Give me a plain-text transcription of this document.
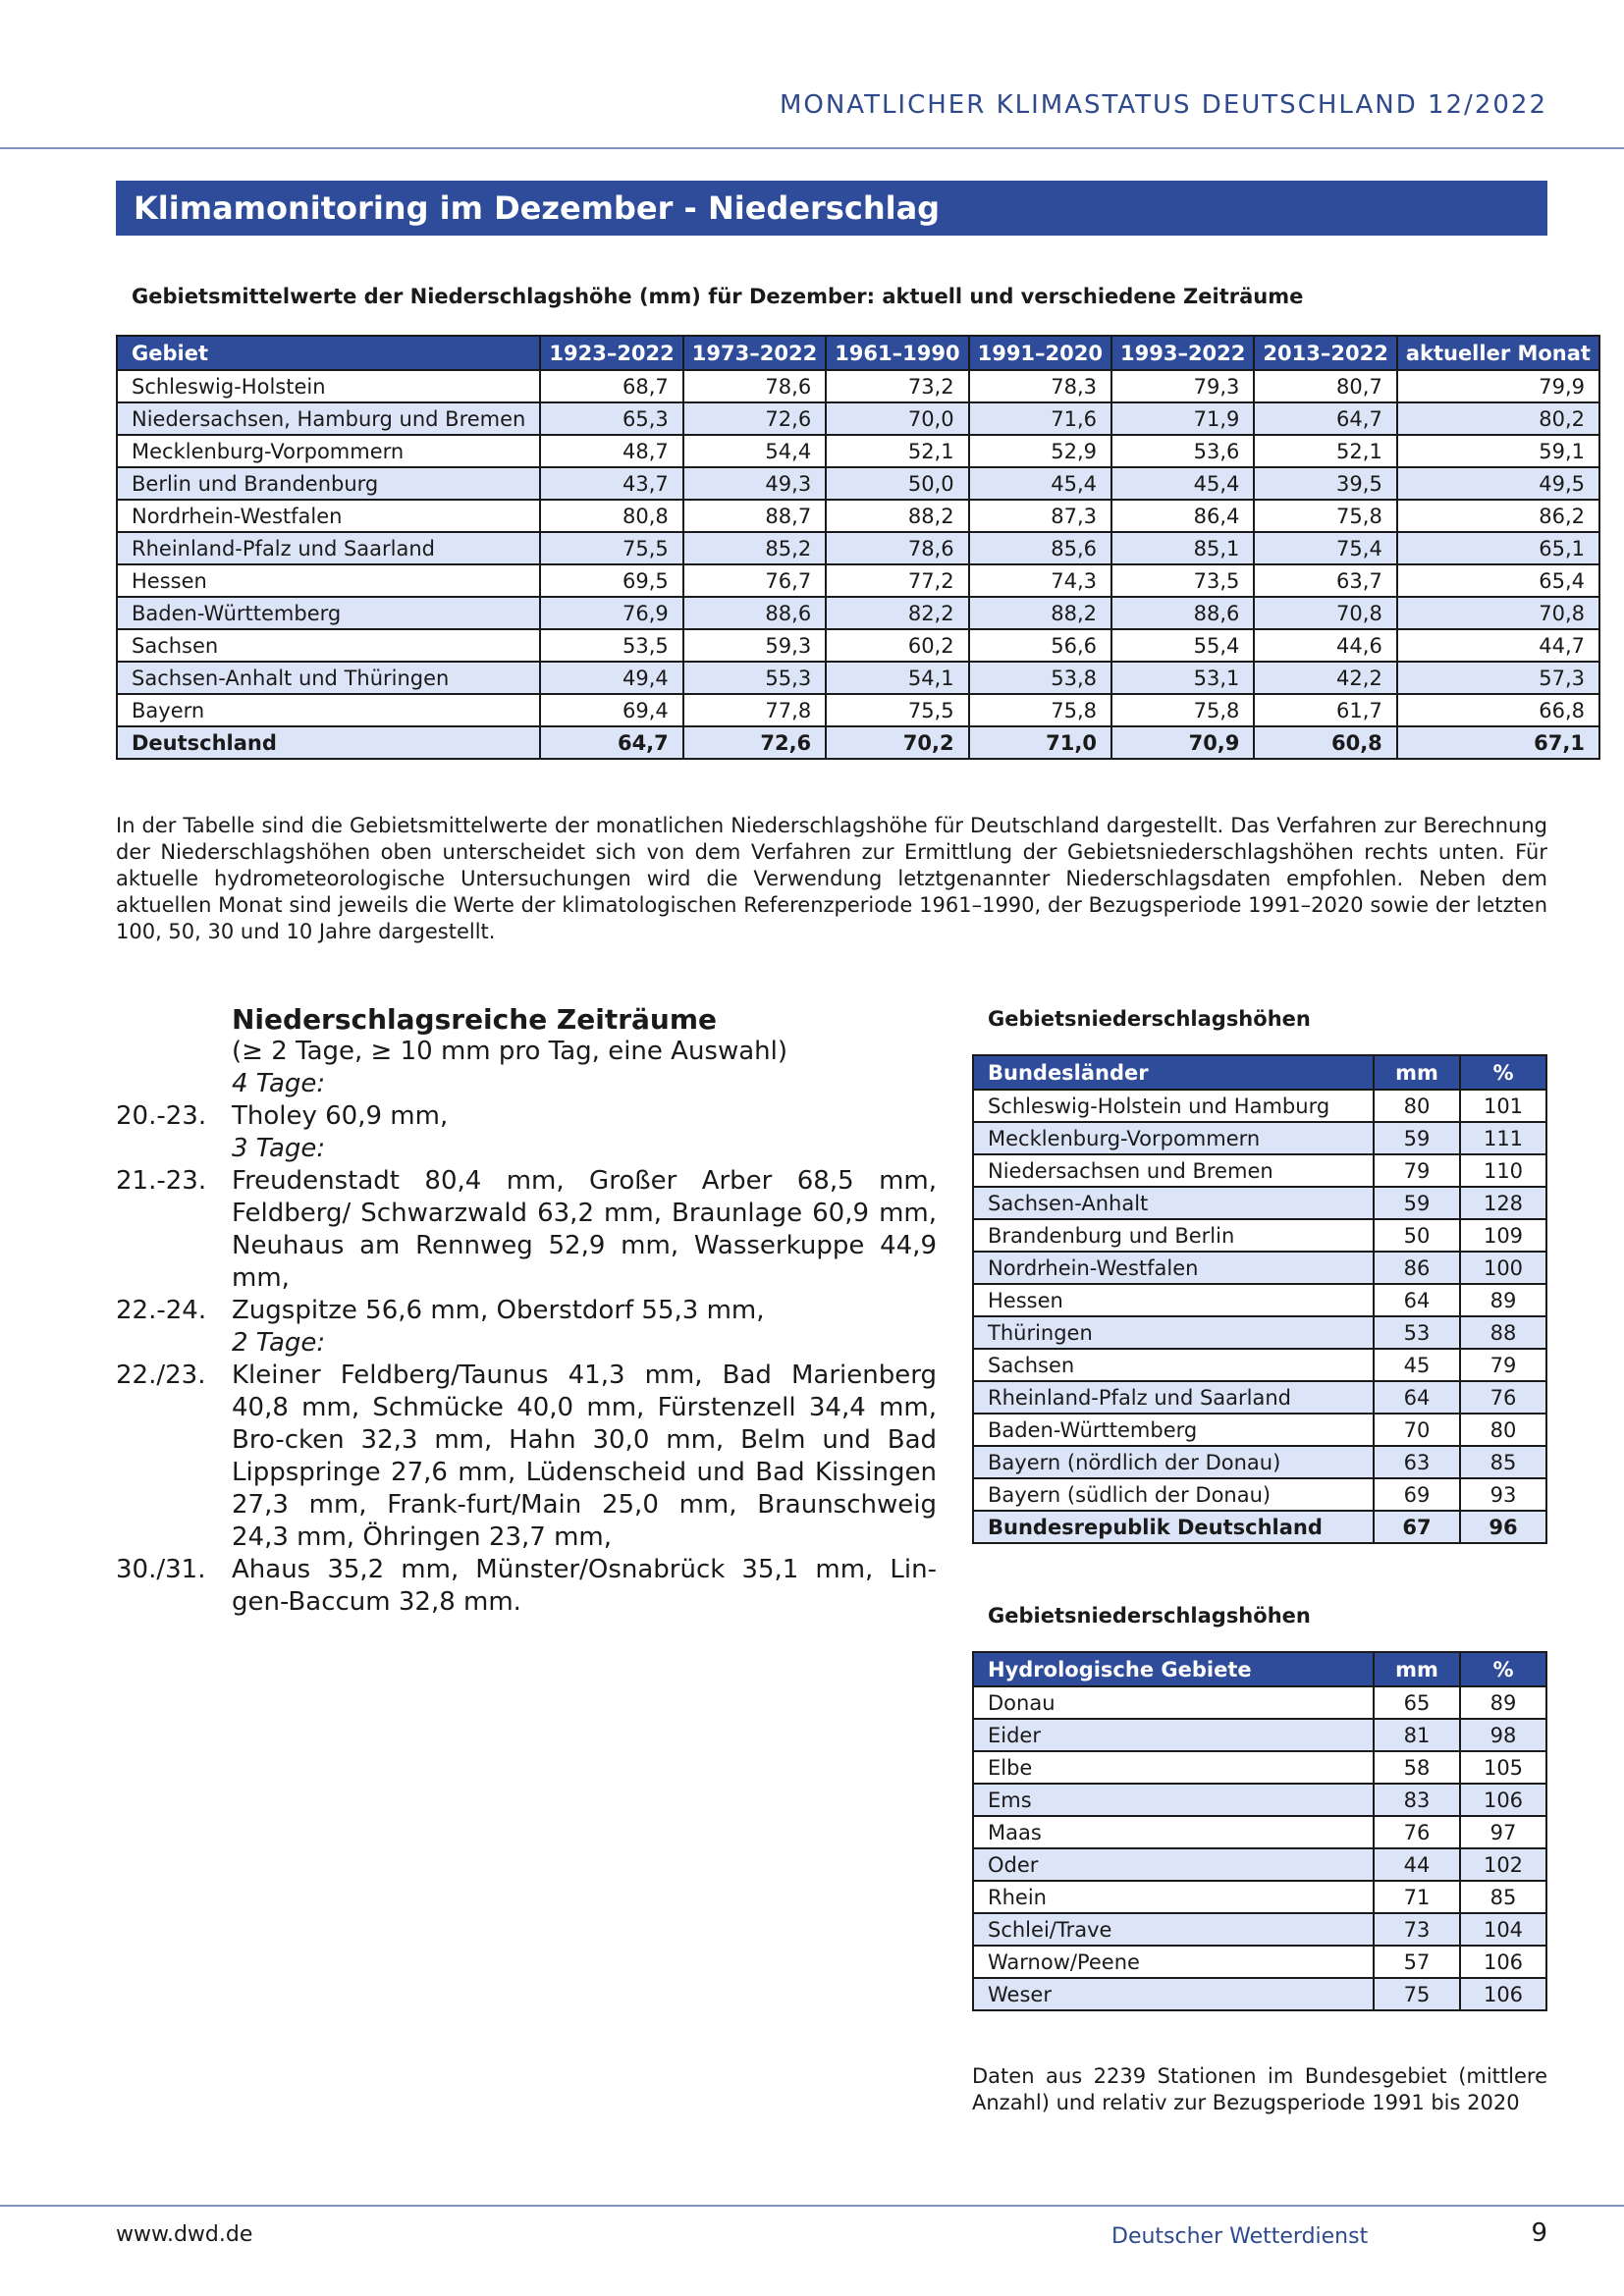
MONATLICHER KLIMASTATUS DEUTSCHLAND 12/2022
Klimamonitoring im Dezember - Niederschlag
Gebietsmittelwerte der Niederschlagshöhe (mm) für Dezember: aktuell und verschiedene Zeiträume
Gebiet	1923–2022	1973–2022	1961–1990	1991–2020	1993–2022	2013–2022	aktueller Monat
Schleswig-Holstein	68,7	78,6	73,2	78,3	79,3	80,7	79,9
Niedersachsen, Hamburg und Bremen	65,3	72,6	70,0	71,6	71,9	64,7	80,2
Mecklenburg-Vorpommern	48,7	54,4	52,1	52,9	53,6	52,1	59,1
Berlin und Brandenburg	43,7	49,3	50,0	45,4	45,4	39,5	49,5
Nordrhein-Westfalen	80,8	88,7	88,2	87,3	86,4	75,8	86,2
Rheinland-Pfalz und Saarland	75,5	85,2	78,6	85,6	85,1	75,4	65,1
Hessen	69,5	76,7	77,2	74,3	73,5	63,7	65,4
Baden-Württemberg	76,9	88,6	82,2	88,2	88,6	70,8	70,8
Sachsen	53,5	59,3	60,2	56,6	55,4	44,6	44,7
Sachsen-Anhalt und Thüringen	49,4	55,3	54,1	53,8	53,1	42,2	57,3
Bayern	69,4	77,8	75,5	75,8	75,8	61,7	66,8
Deutschland	64,7	72,6	70,2	71,0	70,9	60,8	67,1
In der Tabelle sind die Gebietsmittelwerte der monatlichen Niederschlagshöhe für Deutschland dargestellt. Das Verfahren zur Berechnung der Niederschlagshöhen oben unterscheidet sich von dem Verfahren zur Ermittlung der Gebietsniederschlagshöhen rechts unten. Für aktuelle hydrometeorologische Untersuchungen wird die Verwendung letztgenannter Niederschlagsdaten empfohlen. Neben dem aktuellen Monat sind jeweils die Werte der klimatologischen Referenzperiode 1961–1990, der Bezugsperiode 1991–2020 sowie der letzten 100, 50, 30 und 10 Jahre dargestellt.
Niederschlagsreiche Zeiträume
(≥ 2 Tage, ≥ 10 mm pro Tag, eine Auswahl)
4 Tage:
20.-23. Tholey 60,9 mm,
3 Tage:
21.-23. Freudenstadt 80,4 mm, Großer Arber 68,5 mm, Feldberg/ Schwarzwald 63,2 mm, Braunlage 60,9 mm, Neuhaus am Rennweg 52,9 mm, Wasserkuppe 44,9 mm,
22.-24. Zugspitze 56,6 mm, Oberstdorf 55,3 mm,
2 Tage:
22./23.	Kleiner Feldberg/Taunus 41,3 mm, Bad Marienberg 40,8 mm, Schmücke 40,0 mm, Fürstenzell 34,4 mm, Bro-cken 32,3 mm, Hahn 30,0 mm, Belm und Bad Lippspringe 27,6 mm, Lüdenscheid und Bad Kissingen 27,3 mm, Frank-furt/Main 25,0 mm, Braunschweig 24,3 mm, Öhringen 23,7 mm,
30./31.	Ahaus 35,2 mm, Münster/Osnabrück 35,1 mm, Lin-gen-Baccum 32,8 mm.
Gebietsniederschlagshöhen
Bundesländer	mm	%
Schleswig-Holstein und Hamburg	80	101
Mecklenburg-Vorpommern	59	111
Niedersachsen und Bremen	79	110
Sachsen-Anhalt	59	128
Brandenburg und Berlin	50	109
Nordrhein-Westfalen	86	100
Hessen	64	89
Thüringen	53	88
Sachsen	45	79
Rheinland-Pfalz und Saarland	64	76
Baden-Württemberg	70	80
Bayern (nördlich der Donau)	63	85
Bayern (südlich der Donau)	69	93
Bundesrepublik Deutschland	67	96
Gebietsniederschlagshöhen
Hydrologische Gebiete	mm	%
Donau	65	89
Eider	81	98
Elbe	58	105
Ems	83	106
Maas	76	97
Oder	44	102
Rhein	71	85
Schlei/Trave	73	104
Warnow/Peene	57	106
Weser	75	106
Daten aus 2239 Stationen im Bundesgebiet (mittlere Anzahl) und relativ zur Bezugsperiode 1991 bis 2020
www.dwd.de	Deutscher Wetterdienst	9
